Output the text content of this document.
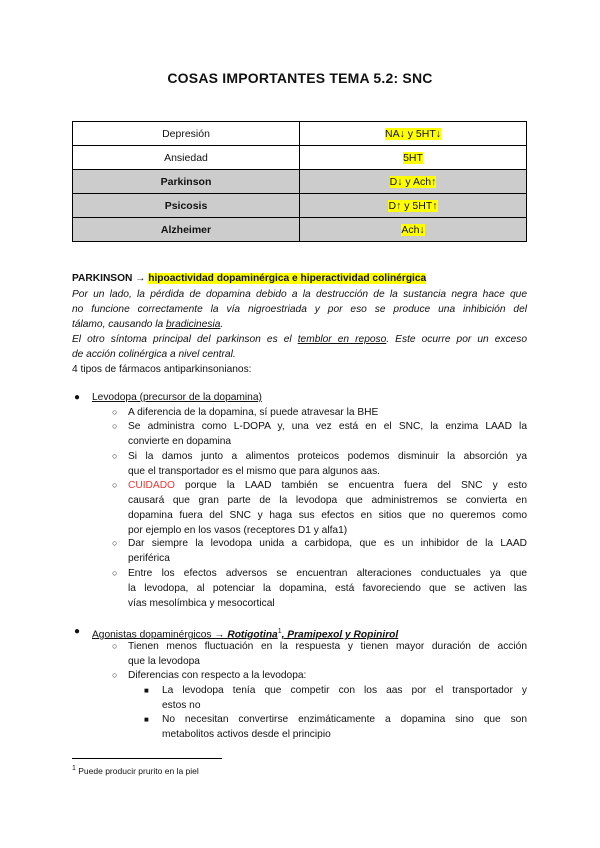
COSAS IMPORTANTES TEMA 5.2: SNC
Depresión	NA↓ y 5HT↓
Ansiedad	5HT
Parkinson	D↓ y Ach↑
Psicosis	D↑ y 5HT↑
Alzheimer	Ach↓
PARKINSON → hipoactividad dopaminérgica e hiperactividad colinérgica
Por un lado, la pérdida de dopamina debido a la destrucción de la sustancia negra hace que
no funcione correctamente la vía nigroestriada y por eso se produce una inhibición del
tálamo, causando la bradicinesia.
El otro síntoma principal del parkinson es el temblor en reposo. Este ocurre por un exceso
de acción colinérgica a nivel central.
4 tipos de fármacos antiparkinsonianos:
● Levodopa (precursor de la dopamina)
○ A diferencia de la dopamina, sí puede atravesar la BHE
○ Se administra como L-DOPA y, una vez está en el SNC, la enzima LAAD la
convierte en dopamina
○ Si la damos junto a alimentos proteicos podemos disminuir la absorción ya
que el transportador es el mismo que para algunos aas.
○ CUIDADO porque la LAAD también se encuentra fuera del SNC y esto
causará que gran parte de la levodopa que administremos se convierta en
dopamina fuera del SNC y haga sus efectos en sitios que no queremos como
por ejemplo en los vasos (receptores D1 y alfa1)
○ Dar siempre la levodopa unida a carbidopa, que es un inhibidor de la LAAD
periférica
○ Entre los efectos adversos se encuentran alteraciones conductuales ya que
la levodopa, al potenciar la dopamina, está favoreciendo que se activen las
vías mesolímbica y mesocortical
● Agonistas dopaminérgicos → Rotigotina$^1$, Pramipexol y Ropinirol
○ Tienen menos fluctuación en la respuesta y tienen mayor duración de acción
que la levodopa
○ Diferencias con respecto a la levodopa:
■ La levodopa tenía que competir con los aas por el transportador y
estos no
■ No necesitan convertirse enzimáticamente a dopamina sino que son
metabolitos activos desde el principio
$^1$ Puede producir prurito en la piel
